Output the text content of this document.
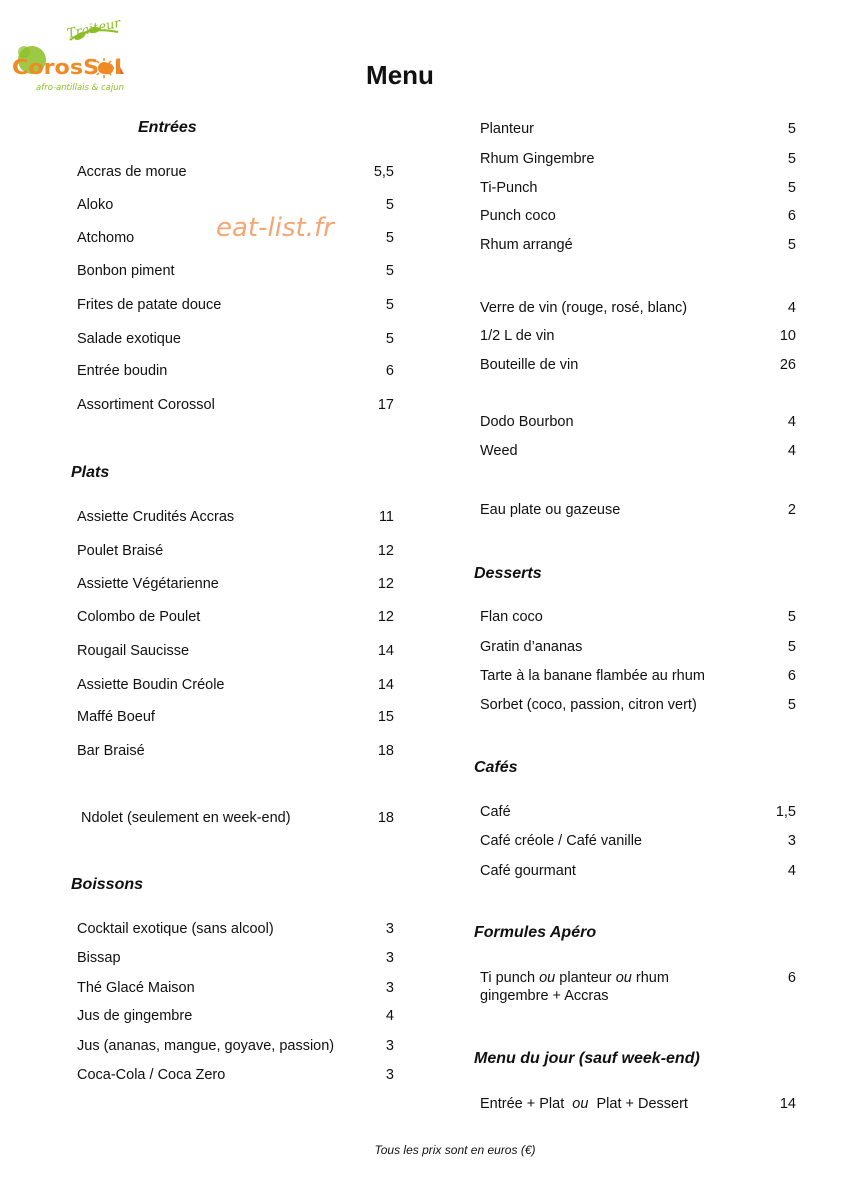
Traiteur
CorosSol
afro-antillais & cajun	Menu
eat-list.fr
Entrées
Accras de morue	5,5
Aloko	5
Atchomo	5
Bonbon piment	5
Frites de patate douce	5
Salade exotique	5
Entrée boudin	6
Assortiment Corossol	17
Plats
Assiette Crudités Accras	11
Poulet Braisé	12
Assiette Végétarienne	12
Colombo de Poulet	12
Rougail Saucisse	14
Assiette Boudin Créole	14
Maffé Boeuf	15
Bar Braisé	18
Ndolet (seulement en week-end)	18
Boissons
Cocktail exotique (sans alcool)	3
Bissap	3
Thé Glacé Maison	3
Jus de gingembre	4
Jus (ananas, mangue, goyave, passion)	3
Coca-Cola / Coca Zero	3
Planteur	5
Rhum Gingembre	5
Ti-Punch	5
Punch coco	6
Rhum arrangé	5
Verre de vin (rouge, rosé, blanc)	4
1/2 L de vin	10
Bouteille de vin	26
Dodo Bourbon	4
Weed	4
Eau plate ou gazeuse	2
Desserts
Flan coco	5
Gratin d’ananas	5
Tarte à la banane flambée au rhum	6
Sorbet (coco, passion, citron vert)	5
Cafés
Café	1,5
Café créole / Café vanille	3
Café gourmant	4
Formules Apéro
Ti punch ou planteur ou rhum
gingembre + Accras
6
Menu du jour (sauf week-end)
Entrée + Plat  ou  Plat + Dessert	14
Tous les prix sont en euros (€)
